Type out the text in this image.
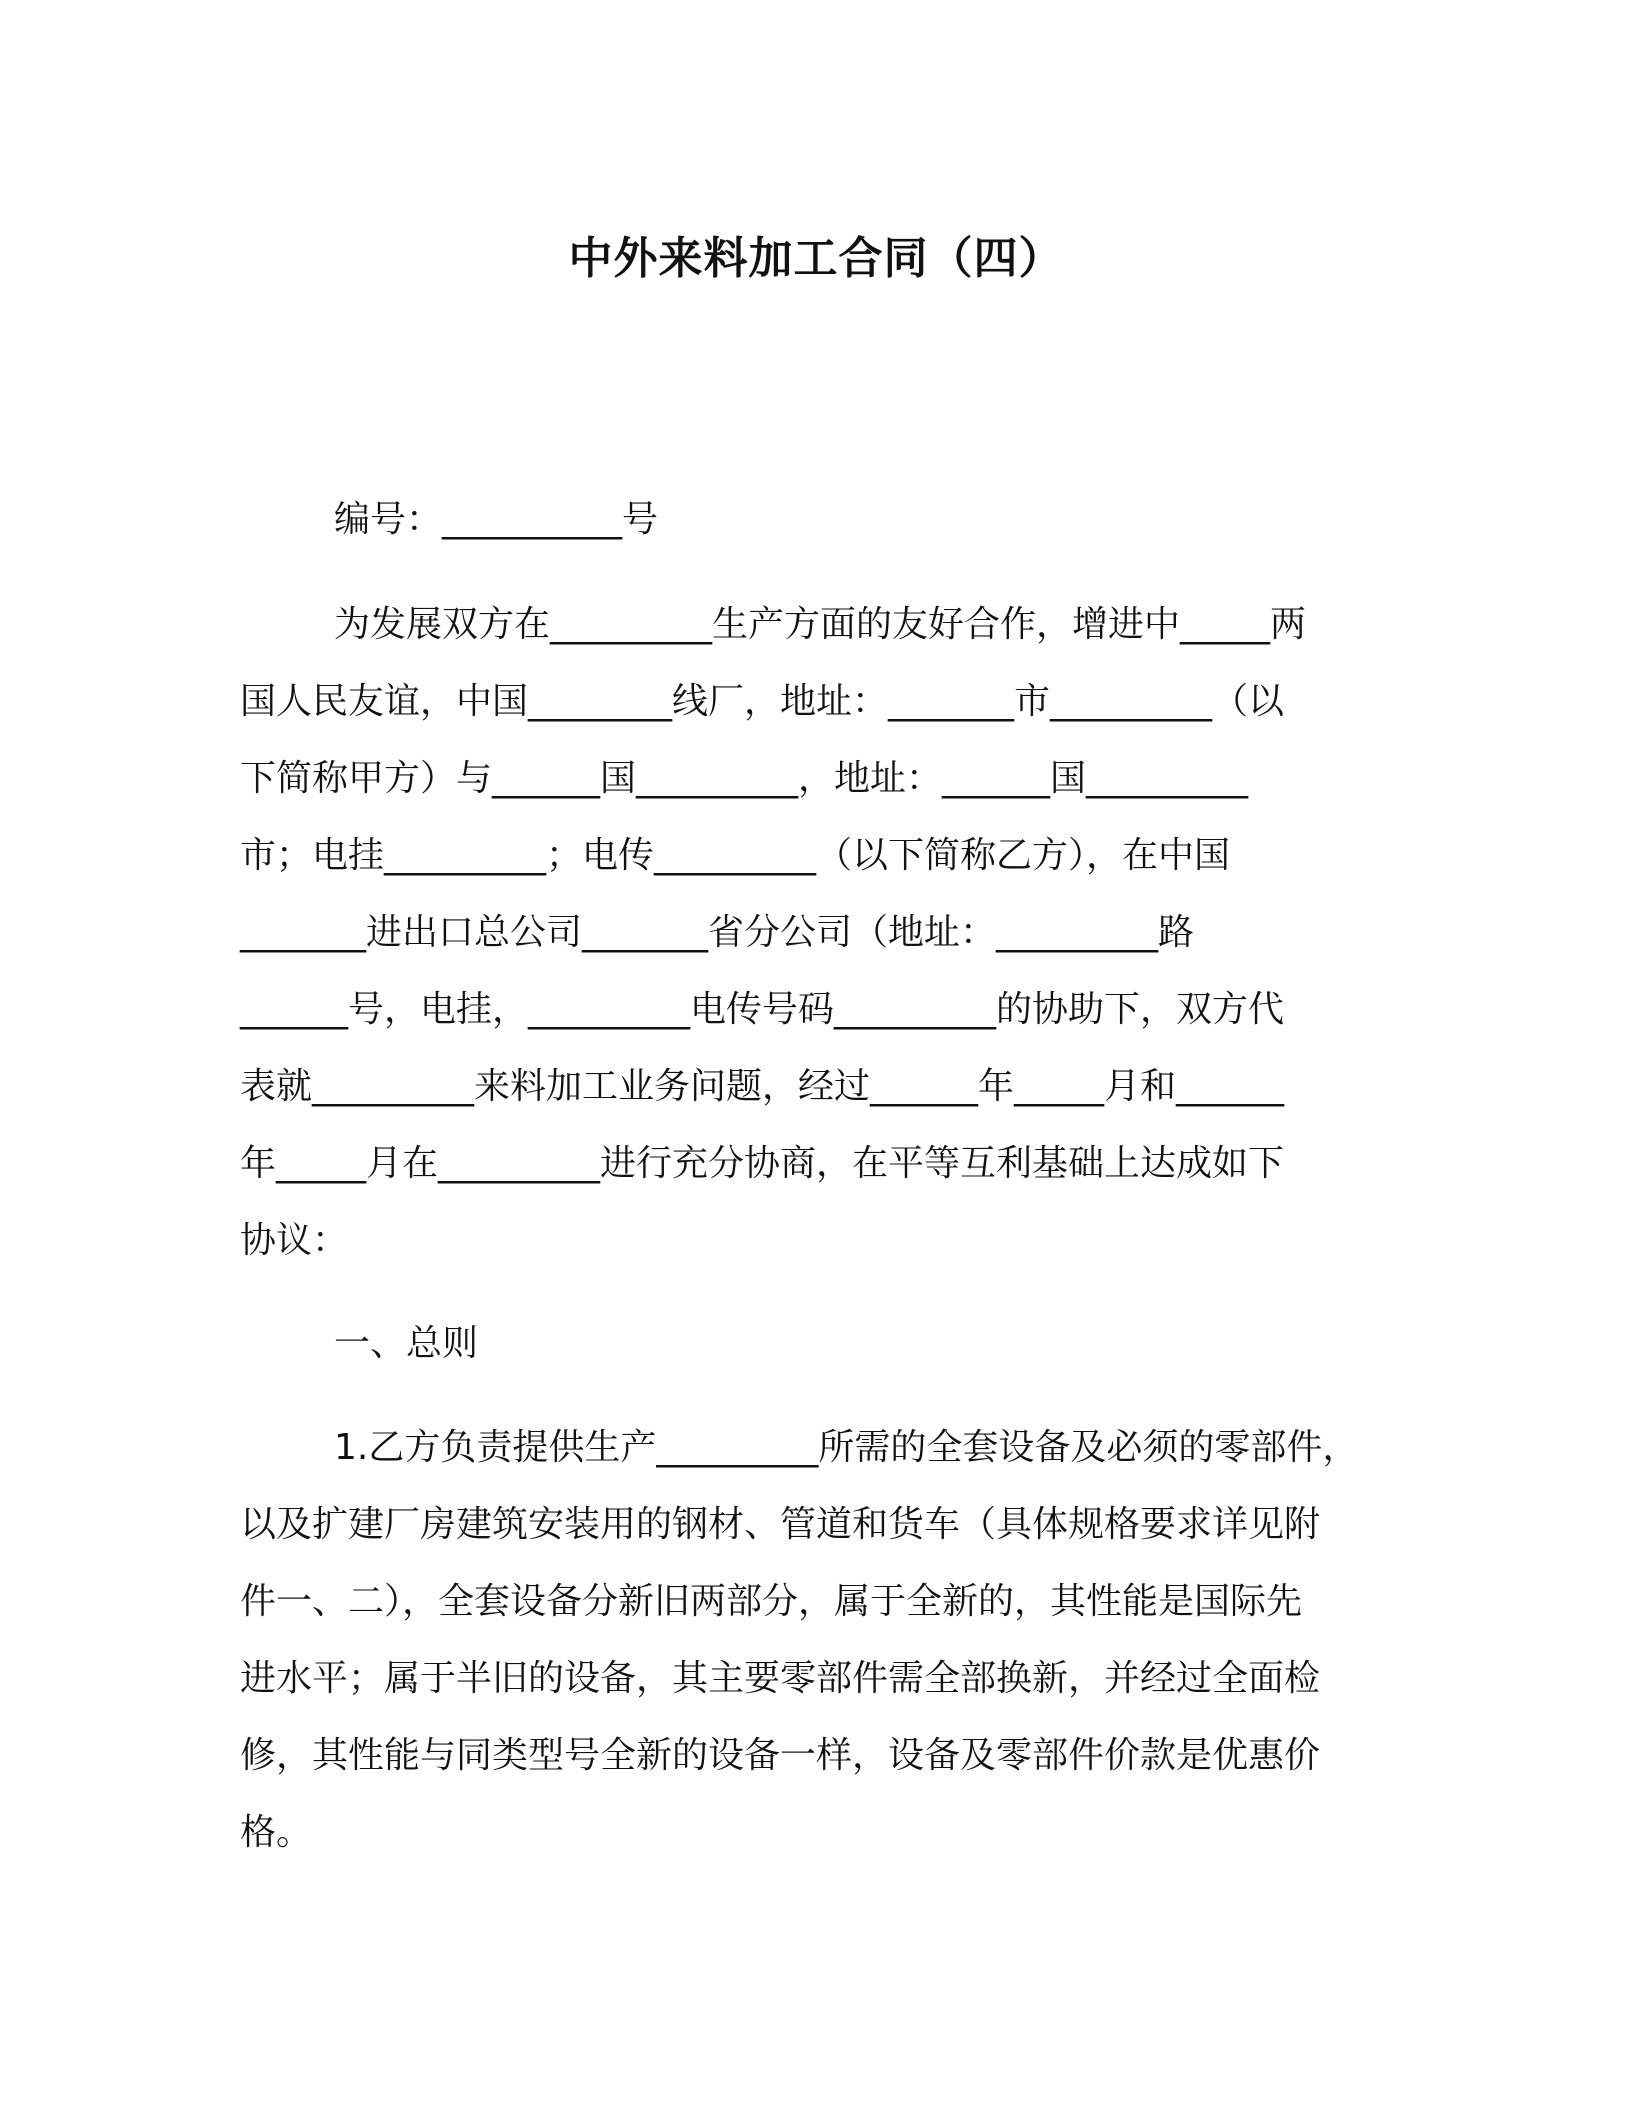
中外来料加工合同（四）
编号：__________号
为发展双方在_________生产方面的友好合作，增进中_____两
国人民友谊，中国________线厂，地址：_______市_________（以
下简称甲方）与______国_________，地址：______国_________
市；电挂_________；电传_________（以下简称乙方），在中国
_______进出口总公司_______省分公司（地址：_________路
______号，电挂，_________电传号码_________的协助下，双方代
表就_________来料加工业务问题，经过______年_____月和______
年_____月在_________进行充分协商，在平等互利基础上达成如下
协议：
一、总则
1.乙方负责提供生产_________所需的全套设备及必须的零部件，
以及扩建厂房建筑安装用的钢材、管道和货车（具体规格要求详见附
件一、二），全套设备分新旧两部分，属于全新的，其性能是国际先
进水平；属于半旧的设备，其主要零部件需全部换新，并经过全面检
修，其性能与同类型号全新的设备一样，设备及零部件价款是优惠价
格。
